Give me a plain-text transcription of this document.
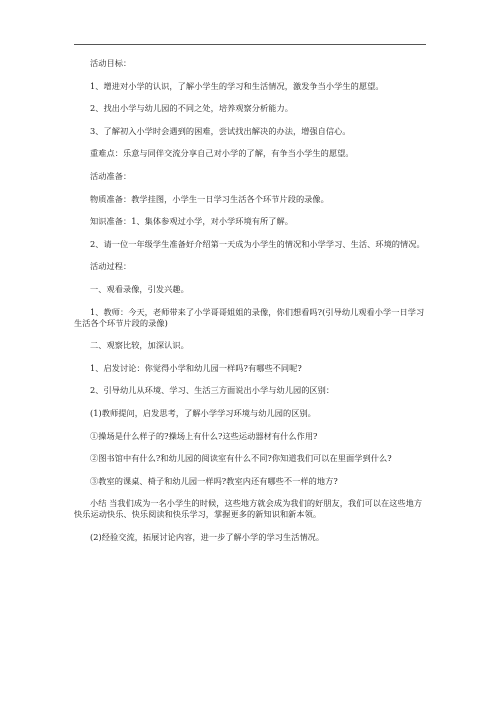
活动目标：

1、增进对小学的认识，了解小学生的学习和生活情况，激发争当小学生的愿望。

2、找出小学与幼儿园的不同之处，培养观察分析能力。

3、了解初入小学时会遇到的困难，尝试找出解决的办法，增强自信心。

重难点：乐意与同伴交流分享自己对小学的了解，有争当小学生的愿望。

活动准备：

物质准备：教学挂图，小学生一日学习生活各个环节片段的录像。

知识准备：1、集体参观过小学，对小学环境有所了解。

2、请一位一年级学生准备好介绍第一天成为小学生的情况和小学学习、生活、环境的情况。

活动过程：

一、观看录像，引发兴趣。

1、教师：今天，老师带来了小学哥哥姐姐的录像，你们想看吗?(引导幼儿观看小学一日学习生活各个环节片段的录像)

二、观察比较，加深认识。

1、启发讨论：你觉得小学和幼儿园一样吗?有哪些不同呢?

2、引导幼儿从环境、学习、生活三方面说出小学与幼儿园的区别：

(1)教师提问，启发思考，了解小学学习环境与幼儿园的区别。

①操场是什么样子的?操场上有什么?这些运动器材有什么作用?

②图书馆中有什么?和幼儿园的阅读室有什么不同?你知道我们可以在里面学到什么?

③教室的课桌、椅子和幼儿园一样吗?教室内还有哪些不一样的地方?

小结 当我们成为一名小学生的时候，这些地方就会成为我们的好朋友，我们可以在这些地方快乐运动快乐、快乐阅读和快乐学习，掌握更多的新知识和新本领。

(2)经验交流，拓展讨论内容，进一步了解小学的学习生活情况。
